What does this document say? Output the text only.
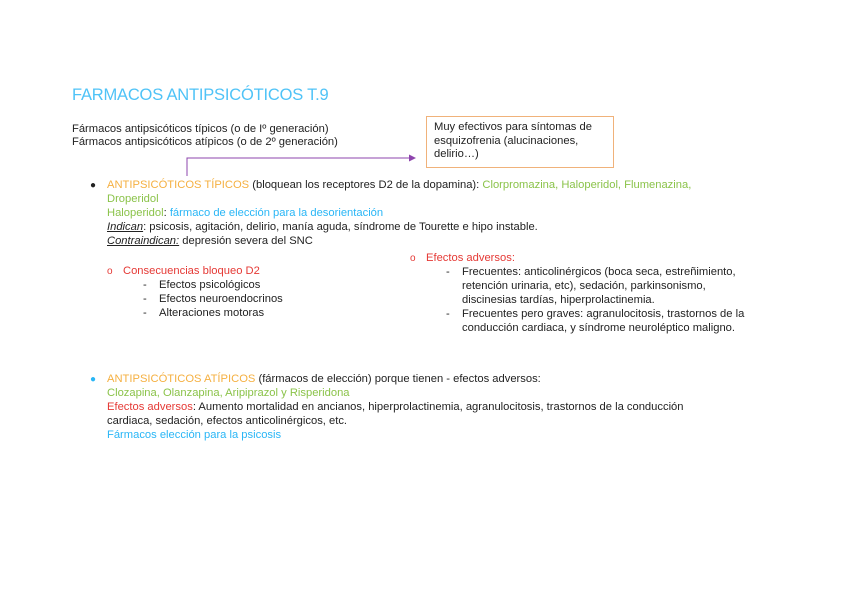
FARMACOS ANTIPSICÓTICOS T.9
Fármacos antipsicóticos típicos (o de Iº generación)
Fármacos antipsicóticos atípicos (o de 2º generación)
Muy efectivos para síntomas de
esquizofrenia (alucinaciones,
delirio…)
● ANTIPSICÓTICOS TÍPICOS (bloquean los receptores D2 de la dopamina): Clorpromazina, Haloperidol, Flumenazina,
Droperidol
Haloperidol: fármaco de elección para la desorientación
Indican: psicosis, agitación, delirio, manía aguda, síndrome de Tourette e hipo instable.
Contraindican: depresión severa del SNC
o Consecuencias bloqueo D2
- Efectos psicológicos
- Efectos neuroendocrinos
- Alteraciones motoras
o Efectos adversos:
- Frecuentes: anticolinérgicos (boca seca, estreñimiento,
retención urinaria, etc), sedación, parkinsonismo,
discinesias tardías, hiperprolactinemia.
- Frecuentes pero graves: agranulocitosis, trastornos de la
conducción cardiaca, y síndrome neuroléptico maligno.
● ANTIPSICÓTICOS ATÍPICOS (fármacos de elección) porque tienen - efectos adversos:
Clozapina, Olanzapina, Aripiprazol y Risperidona
Efectos adversos: Aumento mortalidad en ancianos, hiperprolactinemia, agranulocitosis, trastornos de la conducción
cardiaca, sedación, efectos anticolinérgicos, etc.
Fármacos elección para la psicosis
